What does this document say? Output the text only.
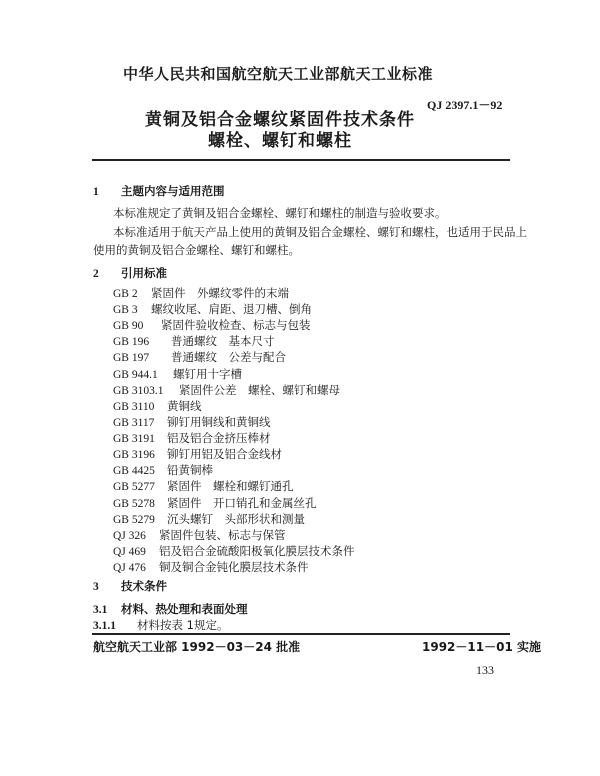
中华人民共和国航空航天工业部航天工业标准
QJ 2397.1－92
黄铜及铝合金螺纹紧固件技术条件
螺栓、螺钉和螺柱
1 主题内容与适用范围
本标准规定了黄铜及铝合金螺栓、螺钉和螺柱的制造与验收要求。
本标准适用于航天产品上使用的黄铜及铝合金螺栓、螺钉和螺柱，也适用于民品上
使用的黄铜及铝合金螺栓、螺钉和螺柱。
2 引用标准
GB 2 紧固件　外螺纹零件的末端
GB 3 螺纹收尾、肩距、退刀槽、倒角
GB 90 紧固件验收检查、标志与包装
GB 196 普通螺纹　基本尺寸
GB 197 普通螺纹　公差与配合
GB 944.1 螺钉用十字槽
GB 3103.1 紧固件公差　螺栓、螺钉和螺母
GB 3110 黄铜线
GB 3117 铆钉用铜线和黄铜线
GB 3191 铝及铝合金挤压棒材
GB 3196 铆钉用铝及铝合金线材
GB 4425 铅黄铜棒
GB 5277 紧固件　螺栓和螺钉通孔
GB 5278 紧固件　开口销孔和金属丝孔
GB 5279 沉头螺钉　头部形状和测量
QJ 326 紧固件包装、标志与保管
QJ 469 铝及铝合金硫酸阳极氧化膜层技术条件
QJ 476 铜及铜合金钝化膜层技术条件
3 技术条件
3.1 材料、热处理和表面处理
3.1.1 材料按表 1规定。
航空航天工业部 1992－03－24 批准	1992－11－01 实施
133
